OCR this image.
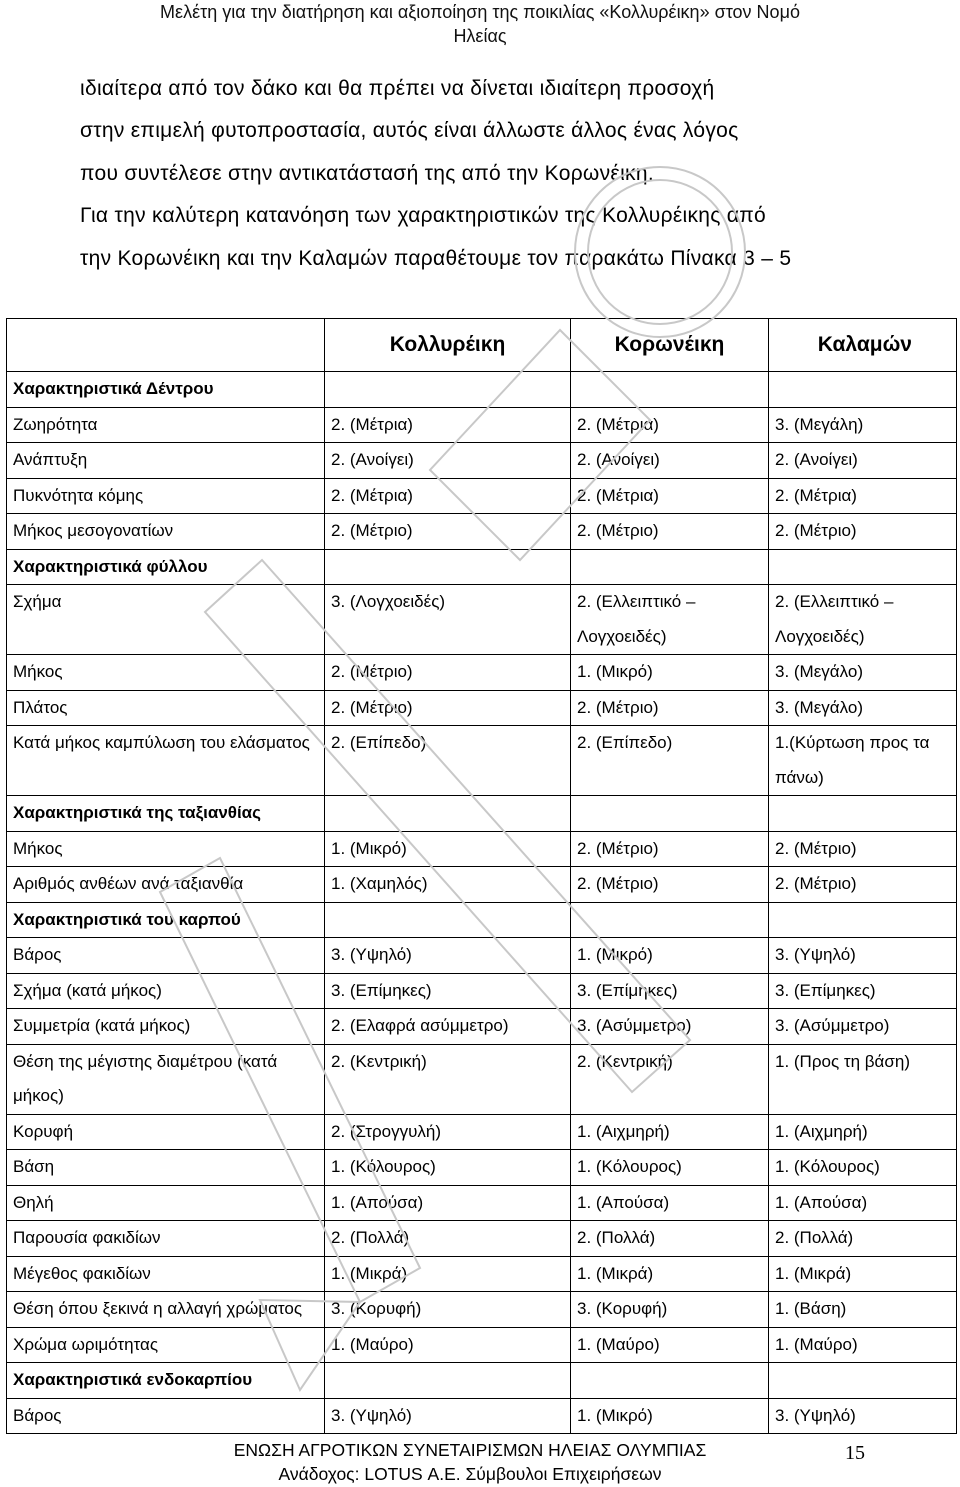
Μελέτη για την διατήρηση και αξιοποίηση της ποικιλίας «Κολλυρέικη» στον Νομό
Ηλείας

ιδιαίτερα από τον δάκο και θα πρέπει να δίνεται ιδιαίτερη προσοχή

στην επιμελή φυτοπροστασία, αυτός είναι άλλωστε άλλος ένας λόγος

που συντέλεσε στην αντικατάστασή της από την Κορωνέικη.

Για την καλύτερη κατανόηση των χαρακτηριστικών της Κολλυρέικης από

την Κορωνέικη και την Καλαμών παραθέτουμε τον παρακάτω Πίνακα 3 – 5

	Κολλυρέικη	Κορωνέικη	Καλαμών
Χαρακτηριστικά Δέντρου			
Ζωηρότητα	2. (Μέτρια)	2. (Μέτρια)	3. (Μεγάλη)
Ανάπτυξη	2. (Ανοίγει)	2. (Ανοίγει)	2. (Ανοίγει)
Πυκνότητα κόμης	2. (Μέτρια)	2. (Μέτρια)	2. (Μέτρια)
Μήκος μεσογονατίων	2. (Μέτριο)	2. (Μέτριο)	2. (Μέτριο)
Χαρακτηριστικά φύλλου			
Σχήμα	3. (Λογχοειδές)	2. (Ελλειπτικό – Λογχοειδές)	2. (Ελλειπτικό – Λογχοειδές)
Μήκος	2. (Μέτριο)	1. (Μικρό)	3. (Μεγάλο)
Πλάτος	2. (Μέτριο)	2. (Μέτριο)	3. (Μεγάλο)
Κατά μήκος καμπύλωση του ελάσματος	2. (Επίπεδο)	2. (Επίπεδο)	1.(Κύρτωση προς τα πάνω)
Χαρακτηριστικά της ταξιανθίας			
Μήκος	1. (Μικρό)	2. (Μέτριο)	2. (Μέτριο)
Αριθμός ανθέων ανά ταξιανθία	1. (Χαμηλός)	2. (Μέτριο)	2. (Μέτριο)
Χαρακτηριστικά του καρπού			
Βάρος	3. (Υψηλό)	1. (Μικρό)	3. (Υψηλό)
Σχήμα (κατά μήκος)	3. (Επίμηκες)	3. (Επίμηκες)	3. (Επίμηκες)
Συμμετρία (κατά μήκος)	2. (Ελαφρά ασύμμετρο)	3. (Ασύμμετρο)	3. (Ασύμμετρο)
Θέση της μέγιστης διαμέτρου (κατά μήκος)	2. (Κεντρική)	2. (Κεντρική)	1. (Προς τη βάση)
Κορυφή	2. (Στρογγυλή)	1. (Αιχμηρή)	1. (Αιχμηρή)
Βάση	1. (Κόλουρος)	1. (Κόλουρος)	1. (Κόλουρος)
Θηλή	1. (Απούσα)	1. (Απούσα)	1. (Απούσα)
Παρουσία φακιδίων	2. (Πολλά)	2. (Πολλά)	2. (Πολλά)
Μέγεθος φακιδίων	1. (Μικρά)	1. (Μικρά)	1. (Μικρά)
Θέση όπου ξεκινά η αλλαγή χρώματος	3. (Κορυφή)	3. (Κορυφή)	1. (Βάση)
Χρώμα ωριμότητας	1. (Μαύρο)	1. (Μαύρο)	1. (Μαύρο)
Χαρακτηριστικά ενδοκαρπίου			
Βάρος	3. (Υψηλό)	1. (Μικρό)	3. (Υψηλό)
ΕΝΩΣΗ ΑΓΡΟΤΙΚΩΝ ΣΥΝΕΤΑΙΡΙΣΜΩΝ ΗΛΕΙΑΣ ΟΛΥΜΠΙΑΣ
Ανάδοχος: LOTUS Α.Ε. Σύμβουλοι Επιχειρήσεων
15
